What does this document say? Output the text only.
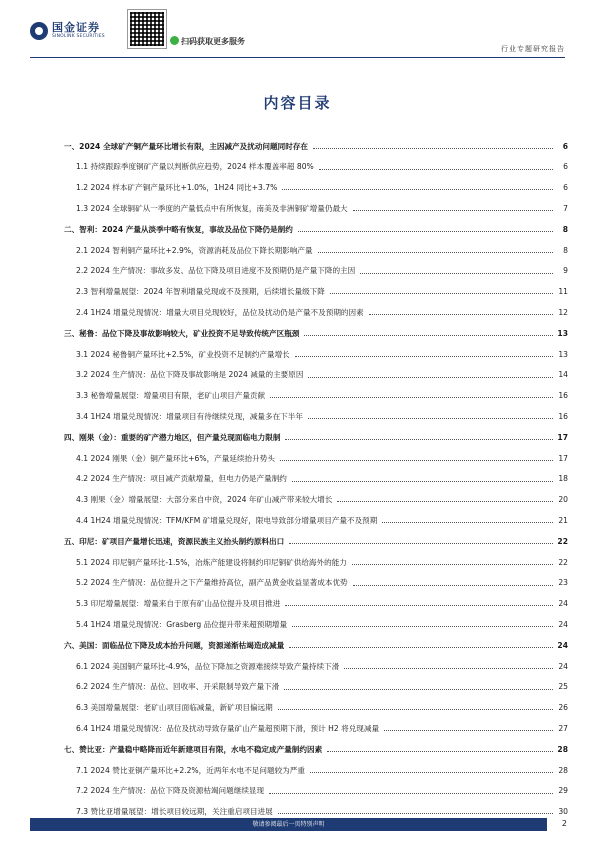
国金证券
SINOLINK SECURITIES
扫码获取更多服务
行业专题研究报告
内容目录
一、2024 全球矿产铜产量环比增长有限，主因减产及扰动问题同时存在	6
1.1 持续跟踪季度铜矿产量以判断供应趋势，2024 样本覆盖率超 80%	6
1.2 2024 样本矿产铜产量环比+1.0%，1H24 同比+3.7%	6
1.3 2024 全球铜矿从一季度的产量低点中有所恢复，南美及非洲铜矿增量仍最大	7
二、智利：2024 产量从淡季中略有恢复，事故及品位下降仍是制约	8
2.1 2024 智利铜产量环比+2.9%，资源消耗及品位下降长期影响产量	8
2.2 2024 生产情况：事故多发、品位下降及项目进度不及预期仍是产量下降的主因	9
2.3 智利增量展望：2024 年智利增量兑现或不及预期，后续增长量级下降	11
2.4 1H24 增量兑现情况：增量大项目兑现较好，品位及扰动仍是产量不及预期的因素	12
三、秘鲁：品位下降及事故影响较大，矿业投资不足导致传统产区瓶颈	13
3.1 2024 秘鲁铜产量环比+2.5%，矿业投资不足制约产量增长	13
3.2 2024 生产情况：品位下降及事故影响是 2024 减量的主要原因	14
3.3 秘鲁增量展望：增量项目有限，老矿山项目产量贡献	16
3.4 1H24 增量兑现情况：增量项目有待继续兑现，减量多在下半年	16
四、刚果（金）：重要的矿产潜力地区，但产量兑现面临电力限制	17
4.1 2024 刚果（金）铜产量环比+6%，产量延续抬升势头	17
4.2 2024 生产情况：项目减产贡献增量，但电力仍是产量制约	18
4.3 刚果（金）增量展望：大部分来自中资，2024 年矿山减产带来较大增长	20
4.4 1H24 增量兑现情况：TFM/KFM 矿增量兑现好，限电导致部分增量项目产量不及预期	21
五、印尼：矿项目产量增长迅速，资源民族主义抬头制约原料出口	22
5.1 2024 印尼铜产量环比-1.5%，冶炼产能建设将制约印尼铜矿供给海外的能力	22
5.2 2024 生产情况：品位提升之下产量维持高位，副产品黄金收益显著成本优势	23
5.3 印尼增量展望：增量来自于原有矿山品位提升及项目推进	24
5.4 1H24 增量兑现情况：Grasberg 品位提升带来超预期增量	24
六、美国：面临品位下降及成本抬升问题，资源递渐枯竭造成减量	24
6.1 2024 美国铜产量环比-4.9%，品位下降加之资源难接续导致产量持续下滑	24
6.2 2024 生产情况：品位、回收率、开采限制导致产量下滑	25
6.3 美国增量展望：老矿山项目面临减量，新矿项目偏远期	26
6.4 1H24 增量兑现情况：品位及扰动导致存量矿山产量超预期下滑，预计 H2 将兑现减量	27
七、赞比亚：产量稳中略降而近年新建项目有限，水电不稳定成产量制约因素	28
7.1 2024 赞比亚铜产量环比+2.2%，近两年水电不足问题较为严重	28
7.2 2024 生产情况：品位下降及资源枯竭问题继续显现	29
7.3 赞比亚增量展望：增长项目较远期，关注重启项目进展	30
敬请参阅最后一页特别声明	2
